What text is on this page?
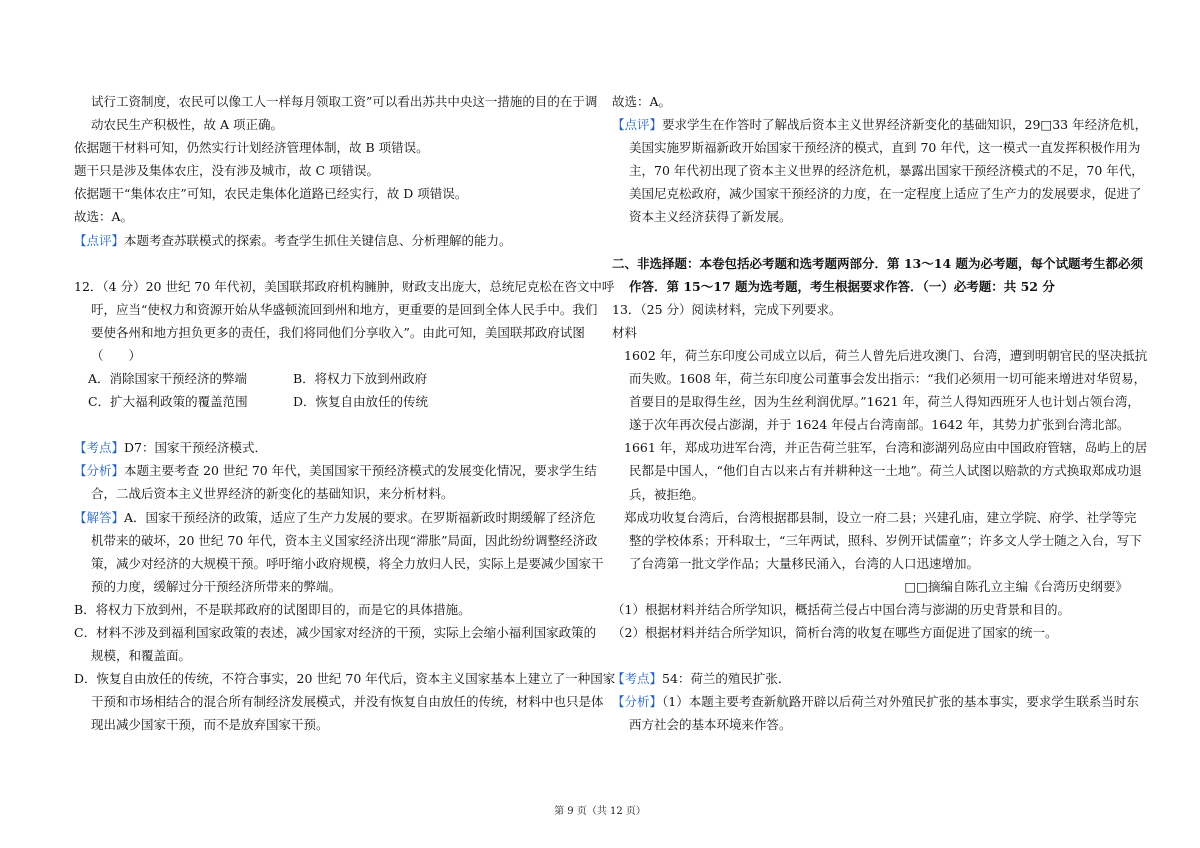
试行工资制度，农民可以像工人一样每月领取工资”可以看出苏共中央这一措施的目的在于调
动农民生产积极性，故 A 项正确。
依据题干材料可知，仍然实行计划经济管理体制，故 B 项错误。
题干只是涉及集体农庄，没有涉及城市，故 C 项错误。
依据题干“集体农庄”可知，农民走集体化道路已经实行，故 D 项错误。
故选：A。
【点评】本题考查苏联模式的探索。考查学生抓住关键信息、分析理解的能力。
12．（4 分）20 世纪 70 年代初，美国联邦政府机构臃肿，财政支出庞大，总统尼克松在咨文中呼
吁，应当“使权力和资源开始从华盛顿流回到州和地方，更重要的是回到全体人民手中。我们
要使各州和地方担负更多的责任，我们将同他们分享收入”。由此可知，美国联邦政府试图
（　　）
A．消除国家干预经济的弊端	B．将权力下放到州政府
C．扩大福利政策的覆盖范围	D．恢复自由放任的传统
【考点】D7：国家干预经济模式．
【分析】本题主要考查 20 世纪 70 年代，美国国家干预经济模式的发展变化情况，要求学生结
合，二战后资本主义世界经济的新变化的基础知识，来分析材料。
【解答】A．国家干预经济的政策，适应了生产力发展的要求。在罗斯福新政时期缓解了经济危
机带来的破坏，20 世纪 70 年代，资本主义国家经济出现“滞胀”局面，因此纷纷调整经济政
策，减少对经济的大规模干预。呼吁缩小政府规模，将全力放归人民，实际上是要减少国家干
预的力度，缓解过分干预经济所带来的弊端。
B．将权力下放到州，不是联邦政府的试图即目的，而是它的具体措施。
C．材料不涉及到福利国家政策的表述，减少国家对经济的干预，实际上会缩小福利国家政策的
规模，和覆盖面。
D．恢复自由放任的传统，不符合事实，20 世纪 70 年代后，资本主义国家基本上建立了一种国家
干预和市场相结合的混合所有制经济发展模式，并没有恢复自由放任的传统，材料中也只是体
现出减少国家干预，而不是放弃国家干预。
故选：A。
【点评】要求学生在作答时了解战后资本主义世界经济新变化的基础知识，29□33 年经济危机，
美国实施罗斯福新政开始国家干预经济的模式，直到 70 年代，这一模式一直发挥积极作用为
主，70 年代初出现了资本主义世界的经济危机，暴露出国家干预经济模式的不足，70 年代，
美国尼克松政府，减少国家干预经济的力度，在一定程度上适应了生产力的发展要求，促进了
资本主义经济获得了新发展。
二、非选择题：本卷包括必考题和选考题两部分．第 13～14 题为必考题，每个试题考生都必须
作答．第 15～17 题为选考题，考生根据要求作答．（一）必考题：共 52 分
13．（25 分）阅读材料，完成下列要求。
材料
1602 年，荷兰东印度公司成立以后，荷兰人曾先后进攻澳门、台湾，遭到明朝官民的坚决抵抗
而失败。1608 年，荷兰东印度公司董事会发出指示：“我们必须用一切可能来增进对华贸易，
首要目的是取得生丝，因为生丝利润优厚。”1621 年，荷兰人得知西班牙人也计划占领台湾，
遂于次年再次侵占澎湖，并于 1624 年侵占台湾南部。1642 年，其势力扩张到台湾北部。
1661 年，郑成功进军台湾，并正告荷兰驻军，台湾和澎湖列岛应由中国政府管辖，岛屿上的居
民都是中国人，“他们自古以来占有并耕种这一土地”。荷兰人试图以赔款的方式换取郑成功退
兵，被拒绝。
郑成功收复台湾后，台湾根据郡县制，设立一府二县；兴建孔庙，建立学院、府学、社学等完
整的学校体系；开科取士，“三年两试，照科、岁例开试儒童”；许多文人学士随之入台，写下
了台湾第一批文学作品；大量移民涌入，台湾的人口迅速增加。
□□摘编自陈孔立主编《台湾历史纲要》
（1）根据材料并结合所学知识，概括荷兰侵占中国台湾与澎湖的历史背景和目的。
（2）根据材料并结合所学知识，简析台湾的收复在哪些方面促进了国家的统一。
【考点】54：荷兰的殖民扩张．
【分析】（1）本题主要考查新航路开辟以后荷兰对外殖民扩张的基本事实，要求学生联系当时东
西方社会的基本环境来作答。
第 9 页（共 12 页）
